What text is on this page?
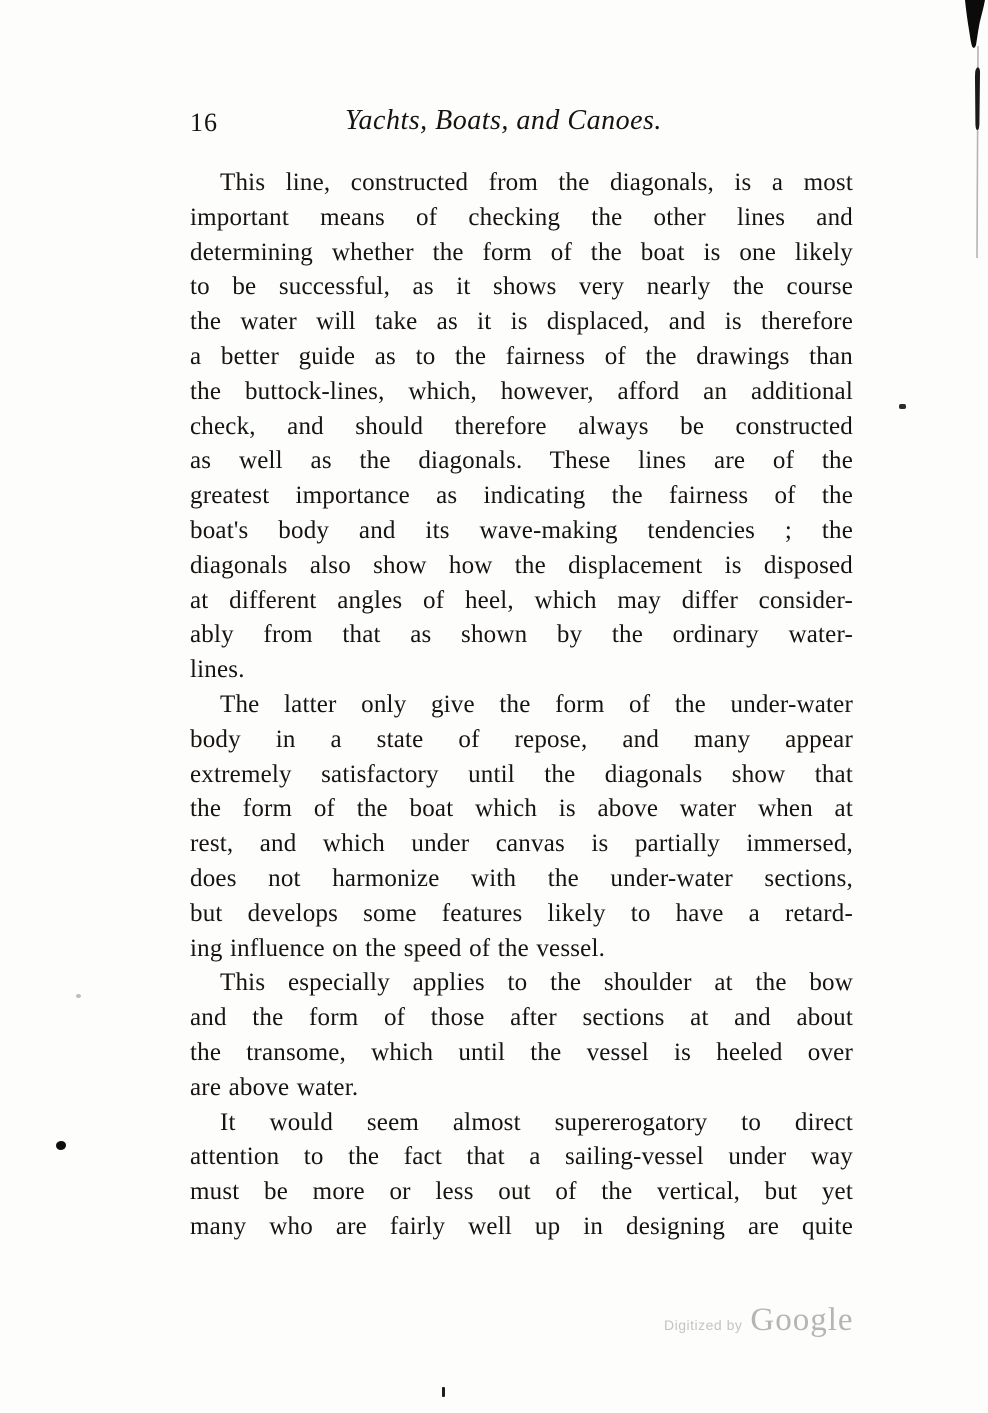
16	Yachts, Boats, and Canoes.
This line, constructed from the diagonals, is a most
important means of checking the other lines and
determining whether the form of the boat is one likely
to be successful, as it shows very nearly the course
the water will take as it is displaced, and is therefore
a better guide as to the fairness of the drawings than
the buttock-lines, which, however, afford an additional
check, and should therefore always be constructed
as well as the diagonals. These lines are of the
greatest importance as indicating the fairness of the
boat's body and its wave-making tendencies ; the
diagonals also show how the displacement is disposed
at different angles of heel, which may differ consider-
ably from that as shown by the ordinary water-
lines.
The latter only give the form of the under-water
body in a state of repose, and many appear
extremely satisfactory until the diagonals show that
the form of the boat which is above water when at
rest, and which under canvas is partially immersed,
does not harmonize with the under-water sections,
but develops some features likely to have a retard-
ing influence on the speed of the vessel.
This especially applies to the shoulder at the bow
and the form of those after sections at and about
the transome, which until the vessel is heeled over
are above water.
It would seem almost supererogatory to direct
attention to the fact that a sailing-vessel under way
must be more or less out of the vertical, but yet
many who are fairly well up in designing are quite
Digitized by Google
